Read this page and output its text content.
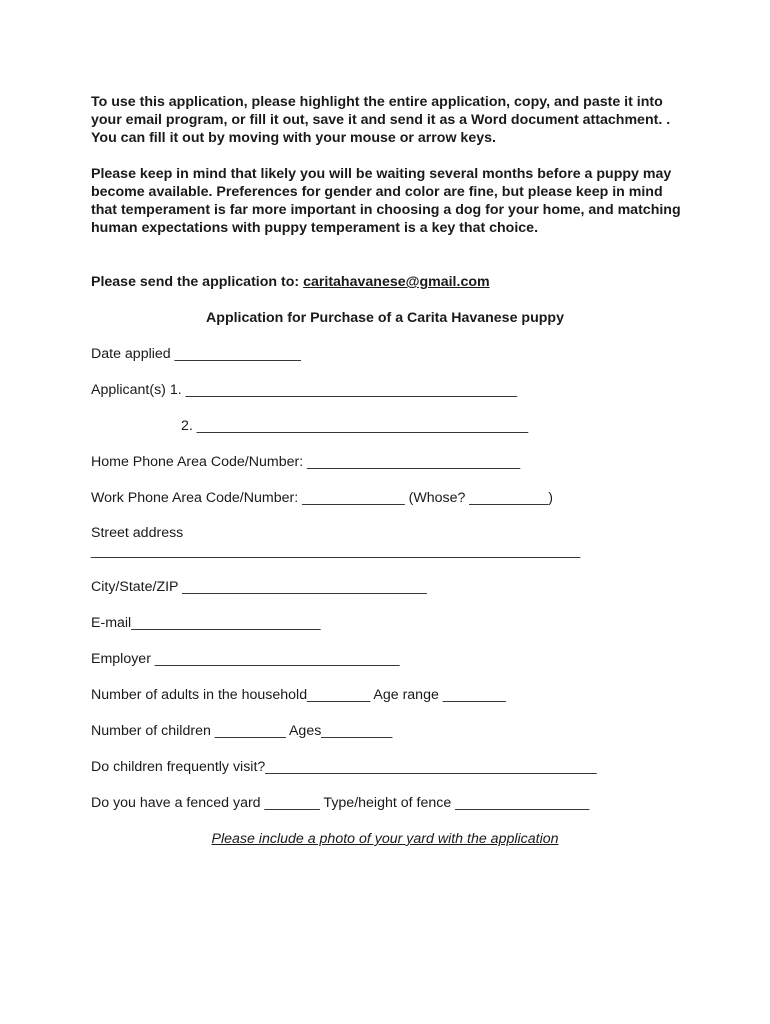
To use this application, please highlight the entire application, copy, and paste it into your email program, or fill it out, save it and send it as a Word document attachment. . You can fill it out by moving with your mouse or arrow keys.

Please keep in mind that likely you will be waiting several months before a puppy may become available. Preferences for gender and color are fine, but please keep in mind that temperament is far more important in choosing a dog for your home, and matching human expectations with puppy temperament is a key that choice.

Please send the application to: caritahavanese@gmail.com

Application for Purchase of a Carita Havanese puppy

Date applied ________________
Applicant(s) 1. __________________________________________
2. __________________________________________
Home Phone Area Code/Number: ___________________________
Work Phone Area Code/Number: _____________ (Whose? __________)
Street address
______________________________________________________________
City/State/ZIP _______________________________
E-mail________________________
Employer _______________________________
Number of adults in the household________ Age range ________
Number of children _________ Ages_________
Do children frequently visit?__________________________________________
Do you have a fenced yard _______ Type/height of fence _________________
Please include a photo of your yard with the application
